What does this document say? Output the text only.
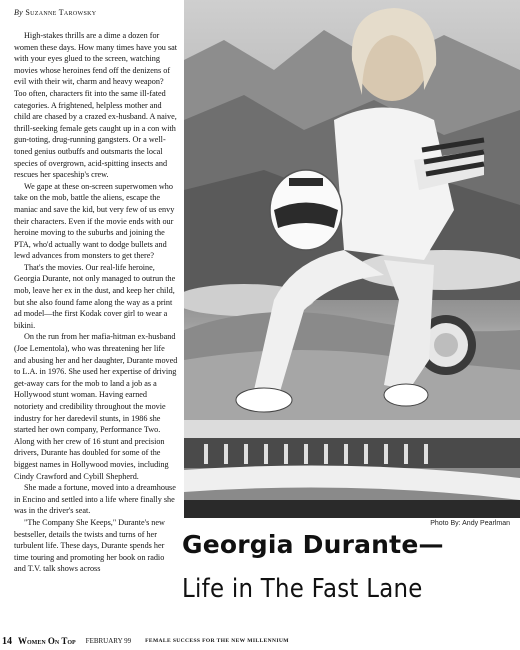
By Suzanne Tarowsky

High-stakes thrills are a dime a dozen for women these days. How many times have you sat with your eyes glued to the screen, watching movies whose heroines fend off the denizens of evil with their wit, charm and heavy weapon? Too often, characters fit into the same ill-fated categories. A frightened, helpless mother and child are chased by a crazed ex-husband. A naive, thrill-seeking female gets caught up in a con with gun-toting, drug-running gangsters. Or a well-toned genius outbuffs and outsmarts the local species of overgrown, acid-spitting insects and rescues her spaceship's crew.

We gape at these on-screen superwomen who take on the mob, battle the aliens, escape the maniac and save the kid, but very few of us envy their characters. Even if the movie ends with our heroine moving to the suburbs and joining the PTA, who'd actually want to dodge bullets and lewd advances from monsters to get there?

That's the movies. Our real-life heroine, Georgia Durante, not only managed to outrun the mob, leave her ex in the dust, and keep her child, but she also found fame along the way as a print ad model—the first Kodak cover girl to wear a bikini.

On the run from her mafia-hitman ex-husband (Joe Lementola), who was threatening her life and abusing her and her daughter, Durante moved to L.A. in 1976. She used her expertise of driving get-away cars for the mob to land a job as a Hollywood stunt woman. Having earned notoriety and credibility throughout the movie industry for her daredevil stunts, in 1986 she started her own company, Performance Two. Along with her crew of 16 stunt and precision drivers, Durante has doubled for some of the biggest names in Hollywood movies, including Cindy Crawford and Cybill Shepherd.

She made a fortune, moved into a dreamhouse in Encino and settled into a life where finally she was in the driver's seat.

"The Company She Keeps," Durante's new bestseller, details the twists and turns of her turbulent life. These days, Durante spends her time touring and promoting her book on radio and T.V. talk shows across

Photo By: Andy Pearlman
Georgia Durante—
Life in The Fast Lane
14 Women On Top FEBRUARY 99	FEMALE SUCCESS FOR THE NEW MILLENNIUM
